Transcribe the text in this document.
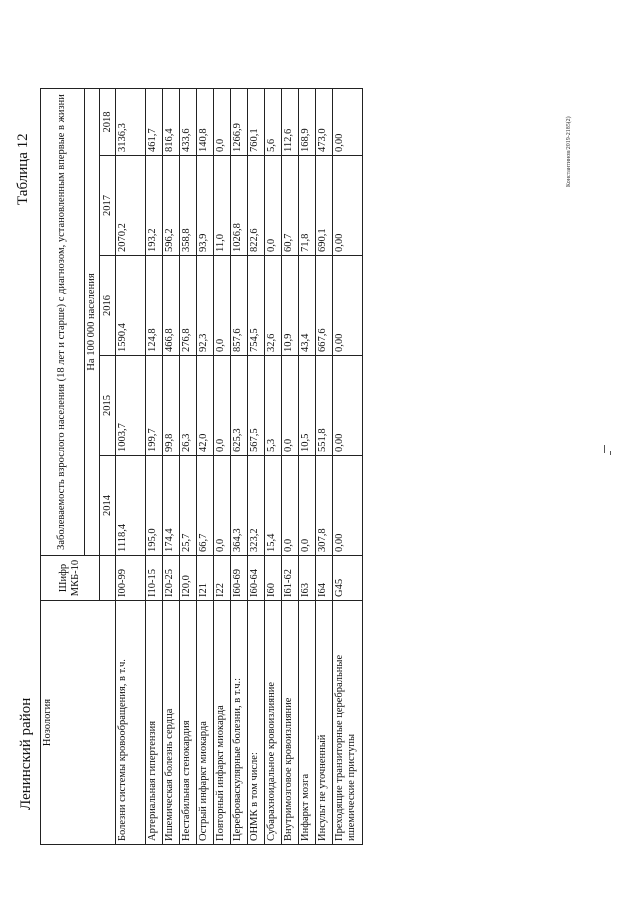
Ленинский район
Таблица 12
Нозология	Шифр МКБ-10	Заболеваемость взрослого населения (18 лет и старше) с диагнозом, установленным впервые в жизни				
		На 100 000 населения				
		2014	2015	2016	2017	2018
Болезни системы кровообращения, в т.ч.	I00-99	1118,4	1003,7	1590,4	2070,2	3136,3
Артериальная гипертензия	I10-15	195,0	199,7	124,8	193,2	461,7
Ишемическая болезнь сердца	I20-25	174,4	99,8	466,8	596,2	816,4
Нестабильная стенокардия	I20,0	25,7	26,3	276,8	358,8	433,6
Острый инфаркт миокарда	I21	66,7	42,0	92,3	93,9	140,8
Повторный инфаркт миокарда	I22	0,0	0,0	0,0	11,0	0,0
Цереброваскулярные болезни, в т.ч.:	I60-69	364,3	625,3	857,6	1026,8	1266,9
ОНМК в том числе:	I60-64	323,2	567,5	754,5	822,6	760,1
Субарахноидальное кровоизлияние	I60	15,4	5,3	32,6	0,0	5,6
Внутримозговое кровоизлияние	I61-62	0,0	0,0	10,9	60,7	112,6
Инфаркт мозга	I63	0,0	10,5	43,4	71,8	168,9
Инсульт не уточненный	I64	307,8	551,8	667,6	690,1	473,0
Преходящие транзиторные церебральные ишемические приступы	G45	0,00	0,00	0,00	0,00	0,00	Константинов/2019-2185(2)
